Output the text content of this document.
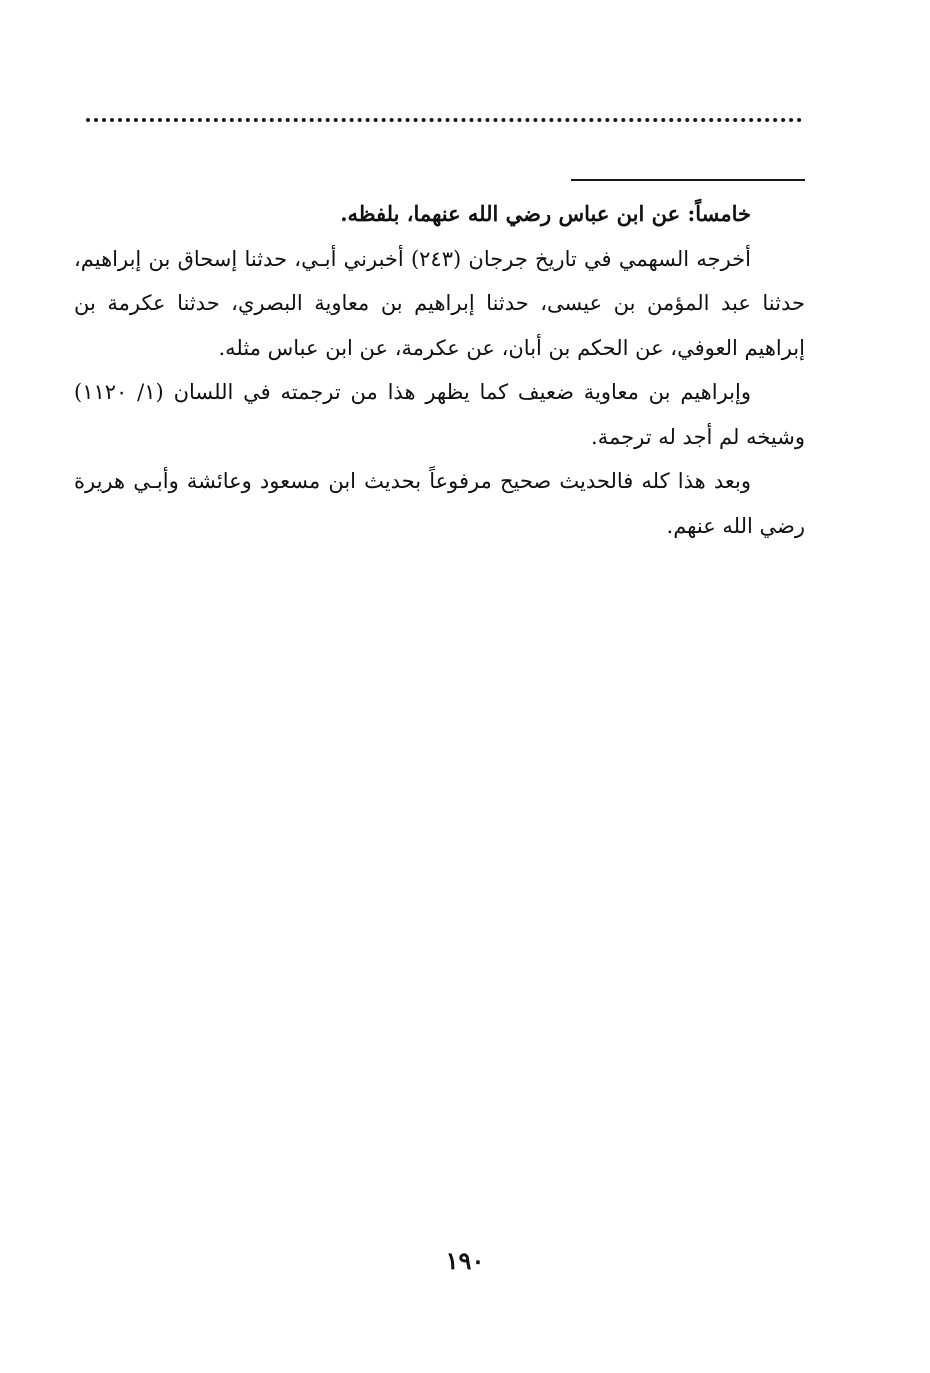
خامساً: عن ابن عباس رضي الله عنهما، بلفظه.

أخرجه السهمي في تاريخ جرجان (٢٤٣) أخبرني أبـي، حدثنا إسحاق بن إبراهيم، حدثنا عبد المؤمن بن عيسى، حدثنا إبراهيم بن معاوية البصري، حدثنا عكرمة بن إبراهيم العوفي، عن الحكم بن أبان، عن عكرمة، عن ابن عباس مثله.

وإبراهيم بن معاوية ضعيف كما يظهر هذا من ترجمته في اللسان (١/ ١١٢٠) وشيخه لم أجد له ترجمة.

وبعد هذا كله فالحديث صحيح مرفوعاً بحديث ابن مسعود وعائشة وأبـي هريرة رضي الله عنهم.

١٩٠
